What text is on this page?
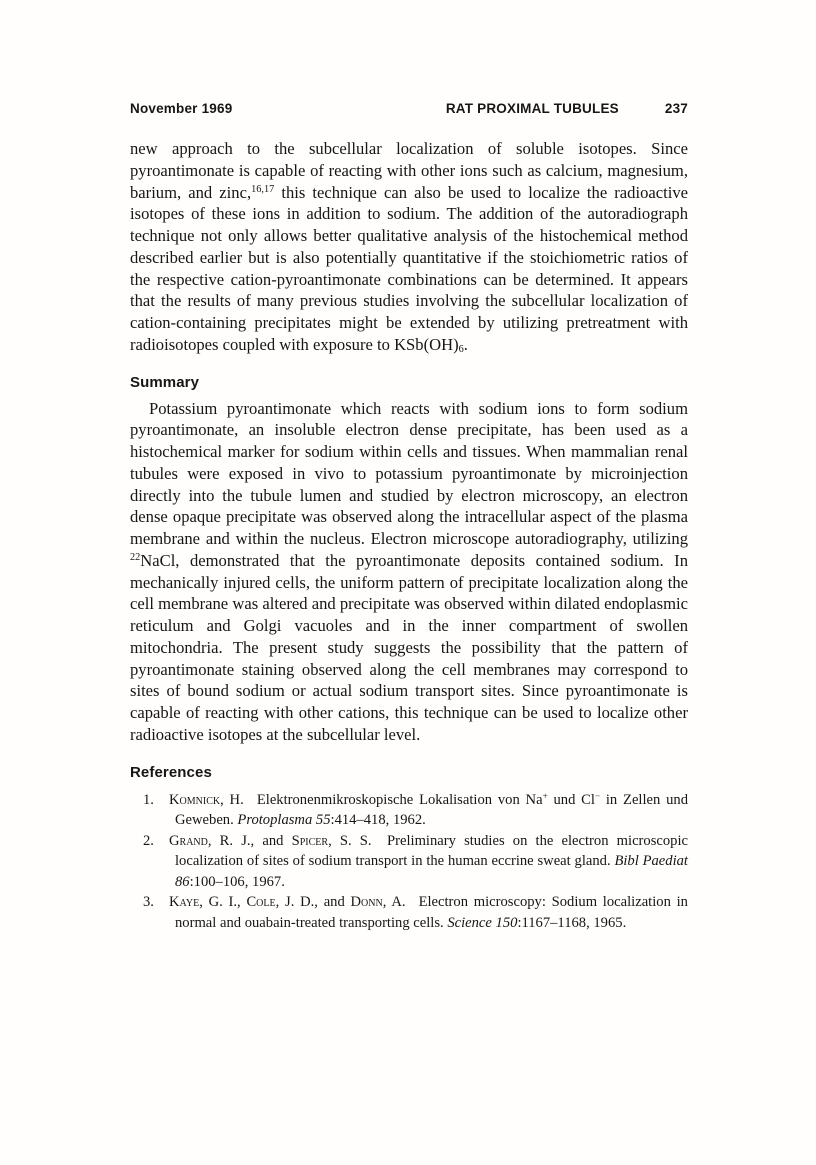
November 1969	RAT PROXIMAL TUBULES	237

new approach to the subcellular localization of soluble isotopes. Since pyroantimonate is capable of reacting with other ions such as calcium, magnesium, barium, and zinc,$^{16,17}$ this technique can also be used to localize the radioactive isotopes of these ions in addition to sodium. The addition of the autoradiograph technique not only allows better qualitative analysis of the histochemical method described earlier but is also potentially quantitative if the stoichiometric ratios of the respective cation-pyroantimonate combinations can be determined. It appears that the results of many previous studies involving the subcellular localization of cation-containing precipitates might be extended by utilizing pretreatment with radioisotopes coupled with exposure to $KSb(OH)_6$.

Summary

Potassium pyroantimonate which reacts with sodium ions to form sodium pyroantimonate, an insoluble electron dense precipitate, has been used as a histochemical marker for sodium within cells and tissues. When mammalian renal tubules were exposed in vivo to potassium pyroantimonate by microinjection directly into the tubule lumen and studied by electron microscopy, an electron dense opaque precipitate was observed along the intracellular aspect of the plasma membrane and within the nucleus. Electron microscope autoradiography, utilizing $^{22}$NaCl, demonstrated that the pyroantimonate deposits contained sodium. In mechanically injured cells, the uniform pattern of precipitate localization along the cell membrane was altered and precipitate was observed within dilated endoplasmic reticulum and Golgi vacuoles and in the inner compartment of swollen mitochondria. The present study suggests the possibility that the pattern of pyroantimonate staining observed along the cell membranes may correspond to sites of bound sodium or actual sodium transport sites. Since pyroantimonate is capable of reacting with other cations, this technique can be used to localize other radioactive isotopes at the subcellular level.

References
1. Komnick, H.  Elektronenmikroskopische Lokalisation von Na+ und Cl− in Zellen und Geweben. Protoplasma 55:414–418, 1962.
2. Grand, R. J., and Spicer, S. S.  Preliminary studies on the electron microscopic localization of sites of sodium transport in the human eccrine sweat gland. Bibl Paediat 86:100–106, 1967.
3. Kaye, G. I., Cole, J. D., and Donn, A.  Electron microscopy: Sodium localization in normal and ouabain-treated transporting cells. Science 150:1167–1168, 1965.
